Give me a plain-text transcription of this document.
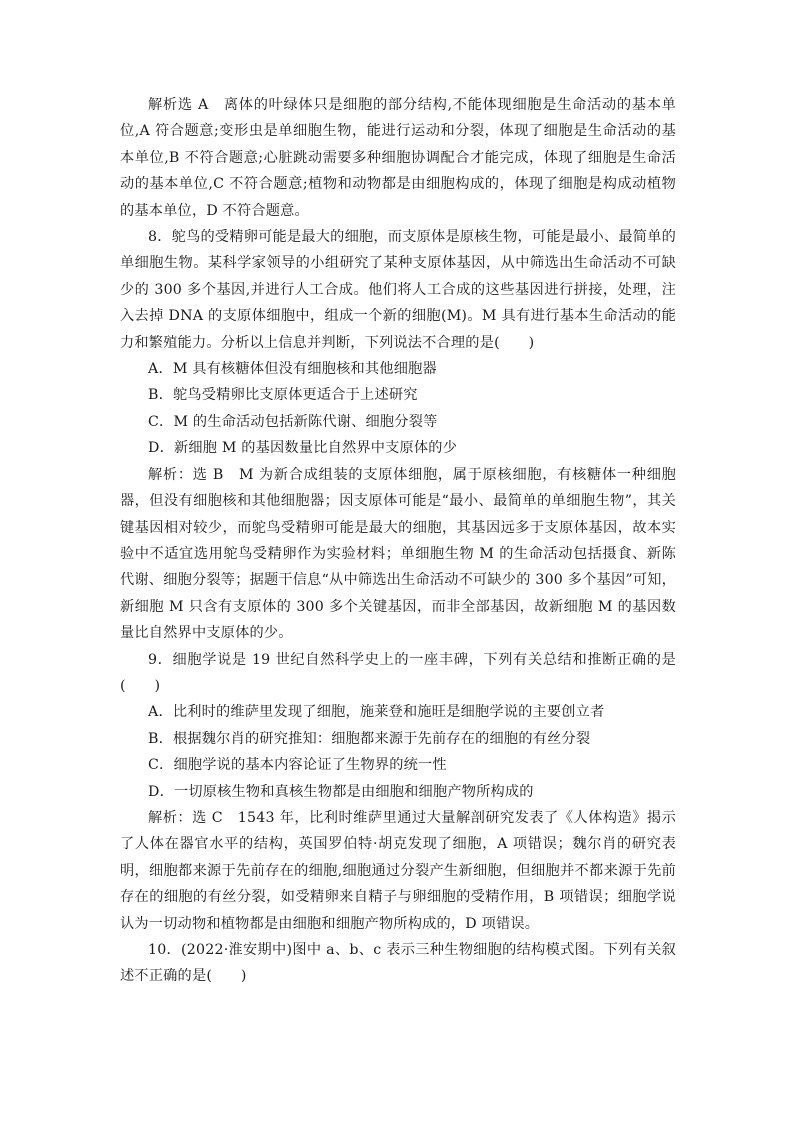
解析选 A　离体的叶绿体只是细胞的部分结构,不能体现细胞是生命活动的基本单位,A 符合题意;变形虫是单细胞生物，能进行运动和分裂，体现了细胞是生命活动的基本单位,B 不符合题意;心脏跳动需要多种细胞协调配合才能完成，体现了细胞是生命活动的基本单位,C 不符合题意;植物和动物都是由细胞构成的，体现了细胞是构成动植物的基本单位，D 不符合题意。

8．鸵鸟的受精卵可能是最大的细胞，而支原体是原核生物，可能是最小、最简单的单细胞生物。某科学家领导的小组研究了某种支原体基因，从中筛选出生命活动不可缺少的 300 多个基因,并进行人工合成。他们将人工合成的这些基因进行拼接，处理，注入去掉 DNA 的支原体细胞中，组成一个新的细胞(M)。M 具有进行基本生命活动的能力和繁殖能力。分析以上信息并判断，下列说法不合理的是(　　)

A．M 具有核糖体但没有细胞核和其他细胞器

B．鸵鸟受精卵比支原体更适合于上述研究

C．M 的生命活动包括新陈代谢、细胞分裂等

D．新细胞 M 的基因数量比自然界中支原体的少

解析：选 B　M 为新合成组装的支原体细胞，属于原核细胞，有核糖体一种细胞器，但没有细胞核和其他细胞器；因支原体可能是“最小、最简单的单细胞生物”，其关键基因相对较少，而鸵鸟受精卵可能是最大的细胞，其基因远多于支原体基因，故本实验中不适宜选用鸵鸟受精卵作为实验材料；单细胞生物 M 的生命活动包括摄食、新陈代谢、细胞分裂等；据题干信息“从中筛选出生命活动不可缺少的 300 多个基因”可知，新细胞 M 只含有支原体的 300 多个关键基因，而非全部基因，故新细胞 M 的基因数量比自然界中支原体的少。

9．细胞学说是 19 世纪自然科学史上的一座丰碑，下列有关总结和推断正确的是(　　)

A．比利时的维萨里发现了细胞，施莱登和施旺是细胞学说的主要创立者

B．根据魏尔肖的研究推知：细胞都来源于先前存在的细胞的有丝分裂

C．细胞学说的基本内容论证了生物界的统一性

D．一切原核生物和真核生物都是由细胞和细胞产物所构成的

解析：选 C　1543 年，比利时维萨里通过大量解剖研究发表了《人体构造》揭示了人体在器官水平的结构，英国罗伯特·胡克发现了细胞，A 项错误；魏尔肖的研究表明，细胞都来源于先前存在的细胞,细胞通过分裂产生新细胞，但细胞并不都来源于先前存在的细胞的有丝分裂，如受精卵来自精子与卵细胞的受精作用，B 项错误；细胞学说认为一切动物和植物都是由细胞和细胞产物所构成的，D 项错误。

10．(2022·淮安期中)图中 a、b、c 表示三种生物细胞的结构模式图。下列有关叙述不正确的是(　　)
